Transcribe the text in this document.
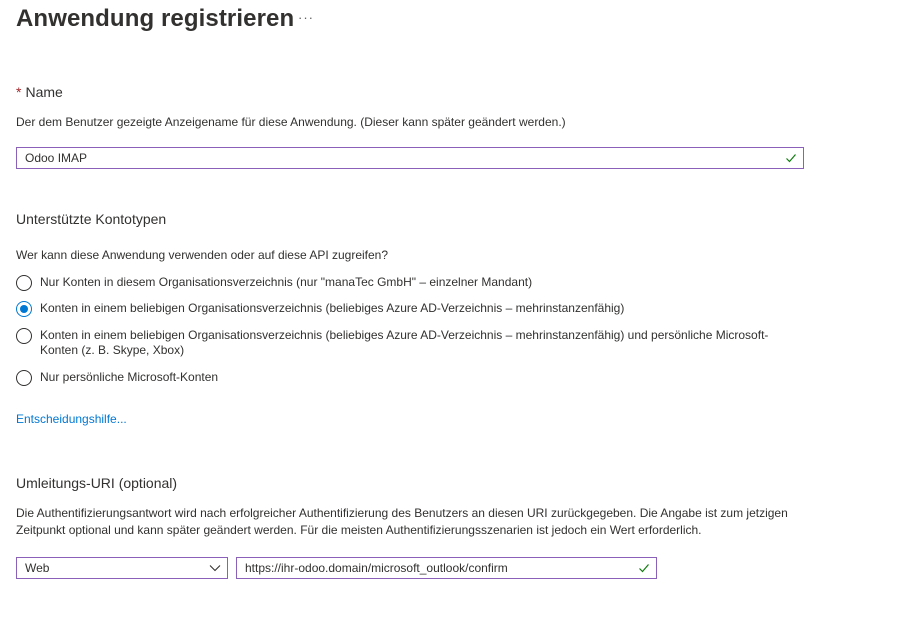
Anwendung registrieren ···
* Name
Der dem Benutzer gezeigte Anzeigename für diese Anwendung. (Dieser kann später geändert werden.)
Odoo IMAP
Unterstützte Kontotypen
Wer kann diese Anwendung verwenden oder auf diese API zugreifen?
Nur Konten in diesem Organisationsverzeichnis (nur "manaTec GmbH" – einzelner Mandant)
Konten in einem beliebigen Organisationsverzeichnis (beliebiges Azure AD-Verzeichnis – mehrinstanzenfähig)
Konten in einem beliebigen Organisationsverzeichnis (beliebiges Azure AD-Verzeichnis – mehrinstanzenfähig) und persönliche Microsoft-Konten (z. B. Skype, Xbox)
Nur persönliche Microsoft-Konten
Entscheidungshilfe...
Umleitungs-URI (optional)
Die Authentifizierungsantwort wird nach erfolgreicher Authentifizierung des Benutzers an diesen URI zurückgegeben. Die Angabe ist zum jetzigen Zeitpunkt optional und kann später geändert werden. Für die meisten Authentifizierungsszenarien ist jedoch ein Wert erforderlich.
Web	https://ihr-odoo.domain/microsoft_outlook/confirm
